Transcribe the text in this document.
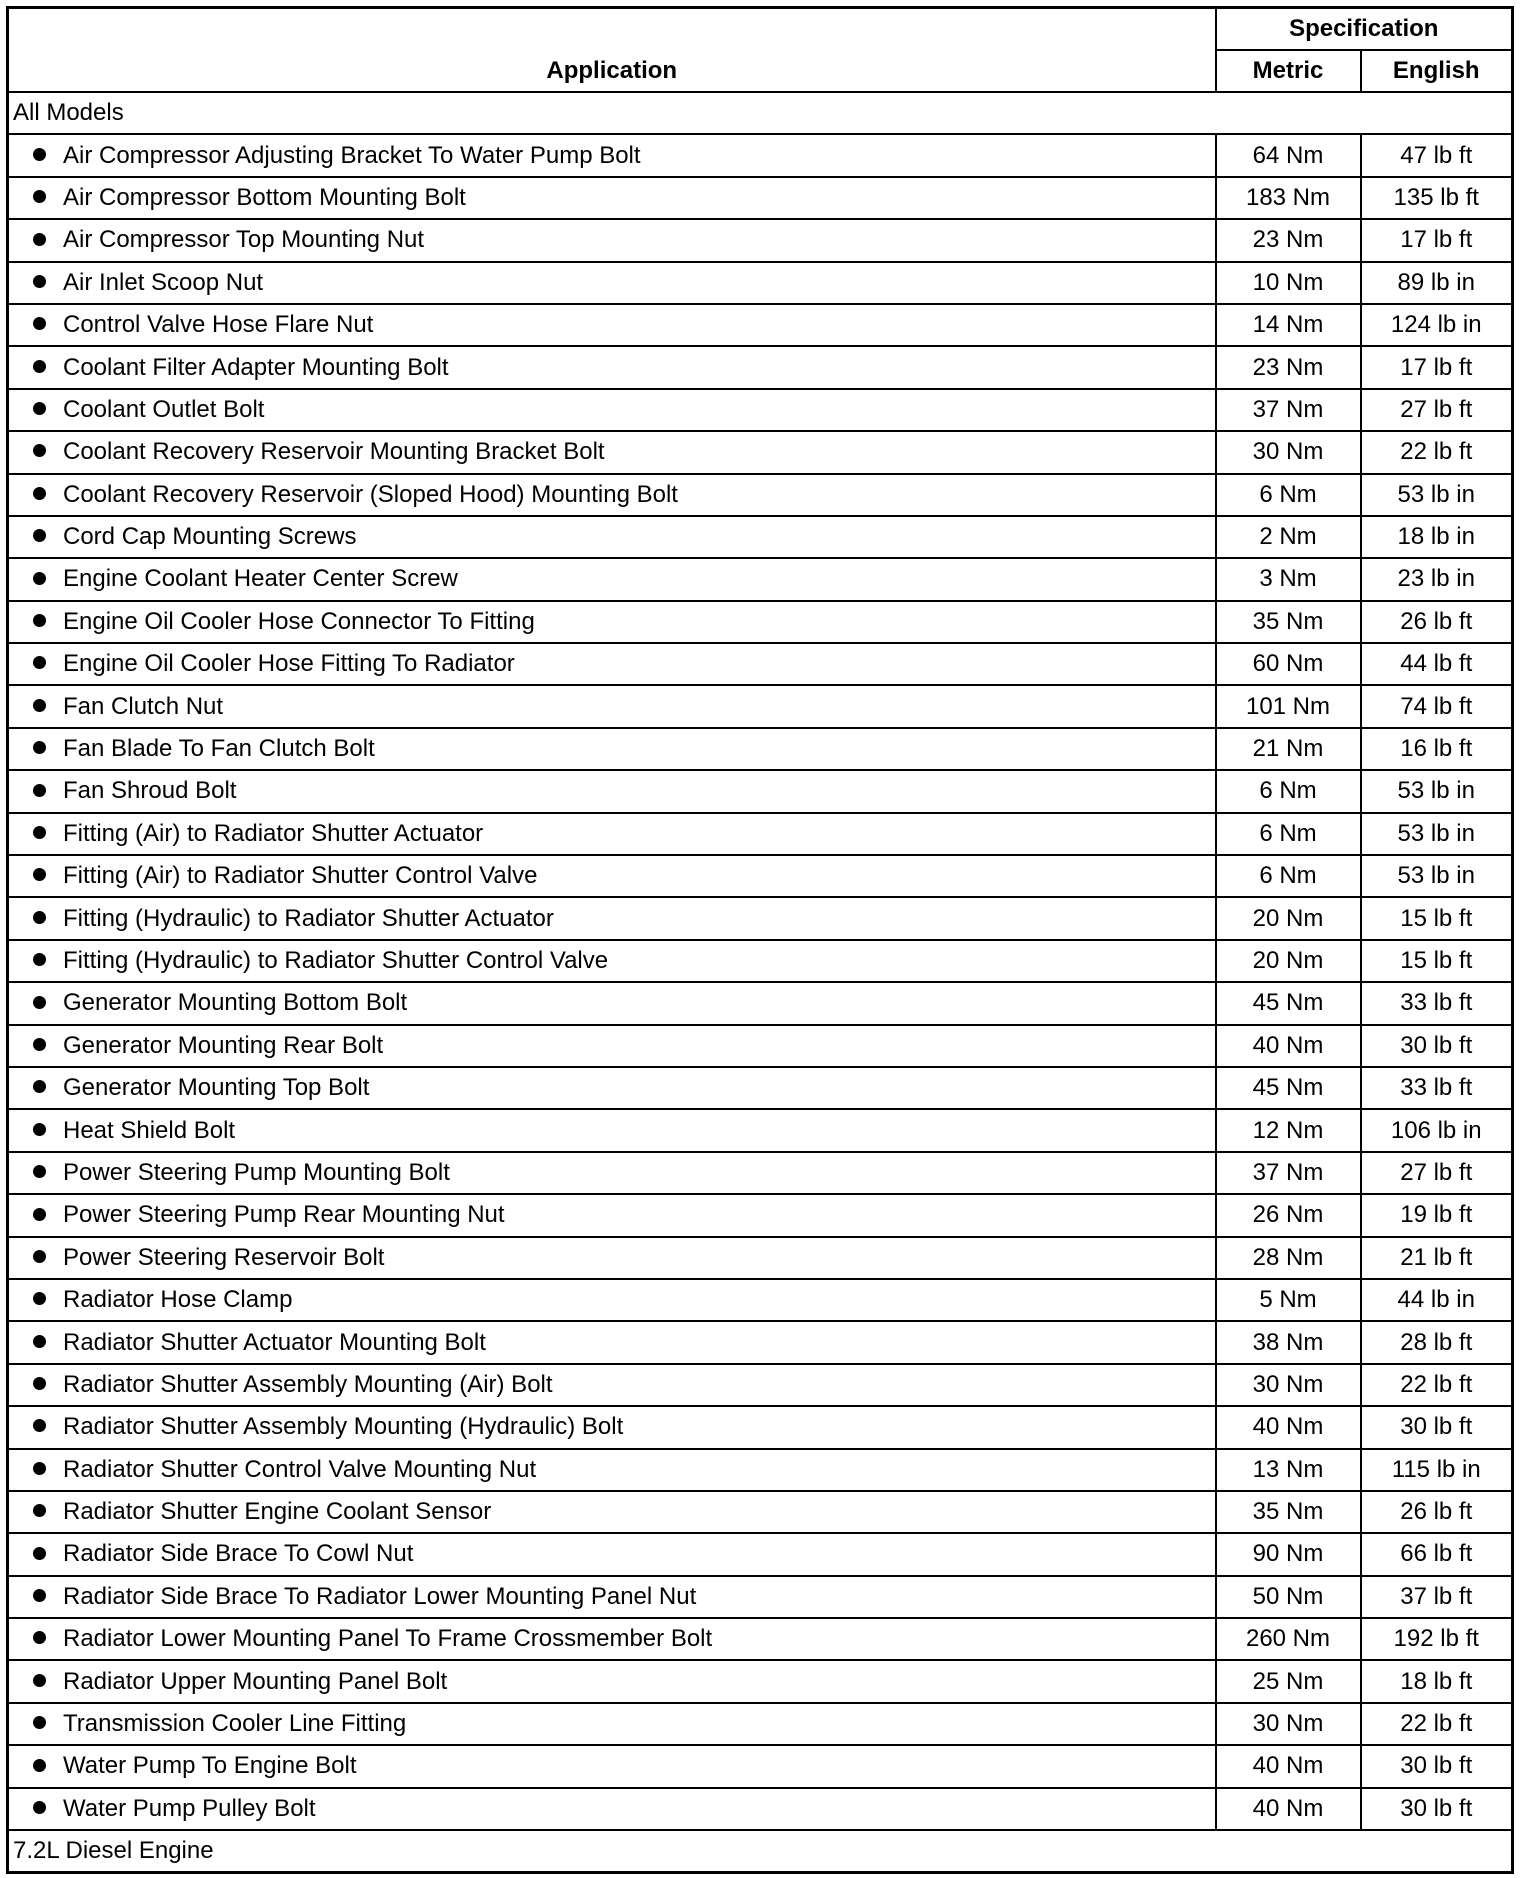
Application	Specification	
	Metric	English
All Models		
Air Compressor Adjusting Bracket To Water Pump Bolt	64 Nm	47 lb ft
Air Compressor Bottom Mounting Bolt	183 Nm	135 lb ft
Air Compressor Top Mounting Nut	23 Nm	17 lb ft
Air Inlet Scoop Nut	10 Nm	89 lb in
Control Valve Hose Flare Nut	14 Nm	124 lb in
Coolant Filter Adapter Mounting Bolt	23 Nm	17 lb ft
Coolant Outlet Bolt	37 Nm	27 lb ft
Coolant Recovery Reservoir Mounting Bracket Bolt	30 Nm	22 lb ft
Coolant Recovery Reservoir (Sloped Hood) Mounting Bolt	6 Nm	53 lb in
Cord Cap Mounting Screws	2 Nm	18 lb in
Engine Coolant Heater Center Screw	3 Nm	23 lb in
Engine Oil Cooler Hose Connector To Fitting	35 Nm	26 lb ft
Engine Oil Cooler Hose Fitting To Radiator	60 Nm	44 lb ft
Fan Clutch Nut	101 Nm	74 lb ft
Fan Blade To Fan Clutch Bolt	21 Nm	16 lb ft
Fan Shroud Bolt	6 Nm	53 lb in
Fitting (Air) to Radiator Shutter Actuator	6 Nm	53 lb in
Fitting (Air) to Radiator Shutter Control Valve	6 Nm	53 lb in
Fitting (Hydraulic) to Radiator Shutter Actuator	20 Nm	15 lb ft
Fitting (Hydraulic) to Radiator Shutter Control Valve	20 Nm	15 lb ft
Generator Mounting Bottom Bolt	45 Nm	33 lb ft
Generator Mounting Rear Bolt	40 Nm	30 lb ft
Generator Mounting Top Bolt	45 Nm	33 lb ft
Heat Shield Bolt	12 Nm	106 lb in
Power Steering Pump Mounting Bolt	37 Nm	27 lb ft
Power Steering Pump Rear Mounting Nut	26 Nm	19 lb ft
Power Steering Reservoir Bolt	28 Nm	21 lb ft
Radiator Hose Clamp	5 Nm	44 lb in
Radiator Shutter Actuator Mounting Bolt	38 Nm	28 lb ft
Radiator Shutter Assembly Mounting (Air) Bolt	30 Nm	22 lb ft
Radiator Shutter Assembly Mounting (Hydraulic) Bolt	40 Nm	30 lb ft
Radiator Shutter Control Valve Mounting Nut	13 Nm	115 lb in
Radiator Shutter Engine Coolant Sensor	35 Nm	26 lb ft
Radiator Side Brace To Cowl Nut	90 Nm	66 lb ft
Radiator Side Brace To Radiator Lower Mounting Panel Nut	50 Nm	37 lb ft
Radiator Lower Mounting Panel To Frame Crossmember Bolt	260 Nm	192 lb ft
Radiator Upper Mounting Panel Bolt	25 Nm	18 lb ft
Transmission Cooler Line Fitting	30 Nm	22 lb ft
Water Pump To Engine Bolt	40 Nm	30 lb ft
Water Pump Pulley Bolt	40 Nm	30 lb ft
7.2L Diesel Engine		
